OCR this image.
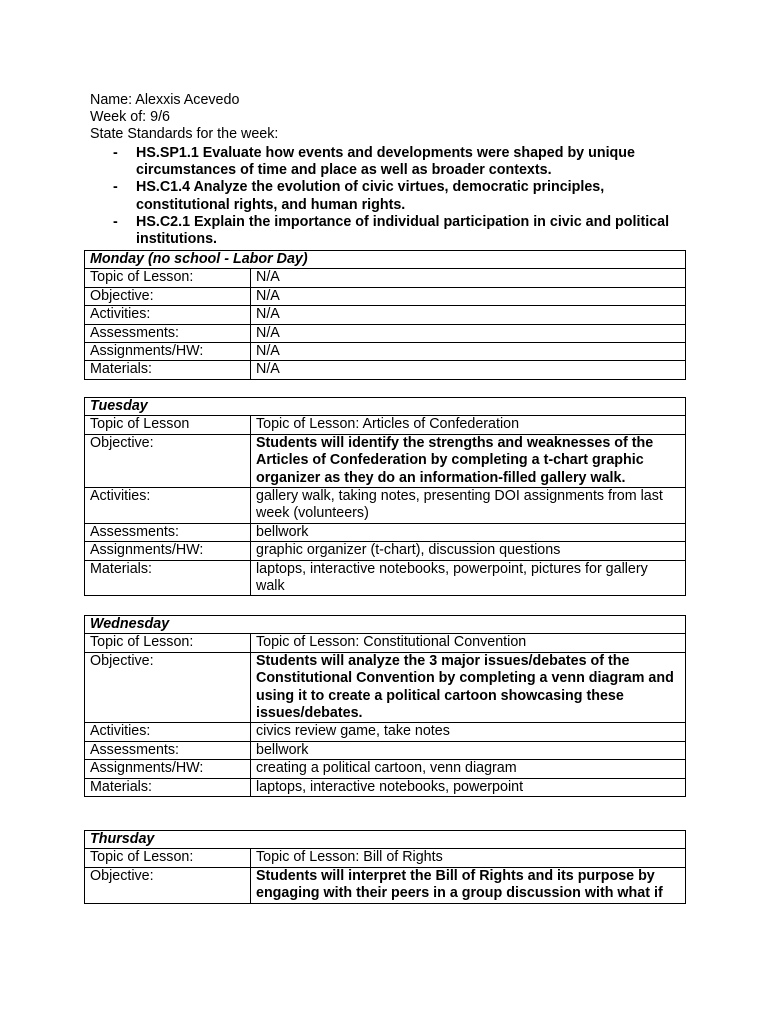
Name: Alexxis Acevedo
Week of: 9/6
State Standards for the week:
-	HS.SP1.1 Evaluate how events and developments were shaped by unique
circumstances of time and place as well as broader contexts.
-	HS.C1.4 Analyze the evolution of civic virtues, democratic principles,
constitutional rights, and human rights.
-	HS.C2.1 Explain the importance of individual participation in civic and political
institutions.
Monday (no school - Labor Day)	
Topic of Lesson:	N/A
Objective:	N/A
Activities:	N/A
Assessments:	N/A
Assignments/HW:	N/A
Materials:	N/A
Tuesday	
Topic of Lesson	Topic of Lesson: Articles of Confederation
Objective:	Students will identify the strengths and weaknesses of the
Articles of Confederation by completing a t-chart graphic
organizer as they do an information-filled gallery walk.
Activities:	gallery walk, taking notes, presenting DOI assignments from last
week (volunteers)
Assessments:	bellwork
Assignments/HW:	graphic organizer (t-chart), discussion questions
Materials:	laptops, interactive notebooks, powerpoint, pictures for gallery
walk
Wednesday	
Topic of Lesson:	Topic of Lesson: Constitutional Convention
Objective:	Students will analyze the 3 major issues/debates of the
Constitutional Convention by completing a venn diagram and
using it to create a political cartoon showcasing these
issues/debates.
Activities:	civics review game, take notes
Assessments:	bellwork
Assignments/HW:	creating a political cartoon, venn diagram
Materials:	laptops, interactive notebooks, powerpoint
Thursday	
Topic of Lesson:	Topic of Lesson: Bill of Rights
Objective:	Students will interpret the Bill of Rights and its purpose by
engaging with their peers in a group discussion with what if
